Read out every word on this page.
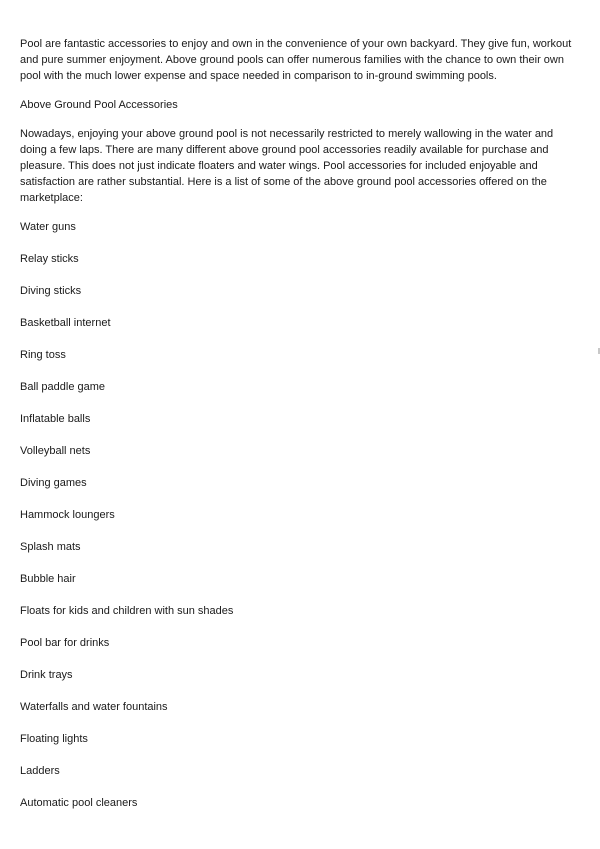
Pool are fantastic accessories to enjoy and own in the convenience of your own backyard. They give fun, workout and pure summer enjoyment. Above ground pools can offer numerous families with the chance to own their own pool with the much lower expense and space needed in comparison to in-ground swimming pools.

Above Ground Pool Accessories

Nowadays, enjoying your above ground pool is not necessarily restricted to merely wallowing in the water and doing a few laps. There are many different above ground pool accessories readily available for purchase and pleasure. This does not just indicate floaters and water wings. Pool accessories for included enjoyable and satisfaction are rather substantial. Here is a list of some of the above ground pool accessories offered on the marketplace:

Water guns
Relay sticks
Diving sticks
Basketball internet
Ring toss
Ball paddle game
Inflatable balls
Volleyball nets
Diving games
Hammock loungers
Splash mats
Bubble hair
Floats for kids and children with sun shades
Pool bar for drinks
Drink trays
Waterfalls and water fountains
Floating lights
Ladders
Automatic pool cleaners
